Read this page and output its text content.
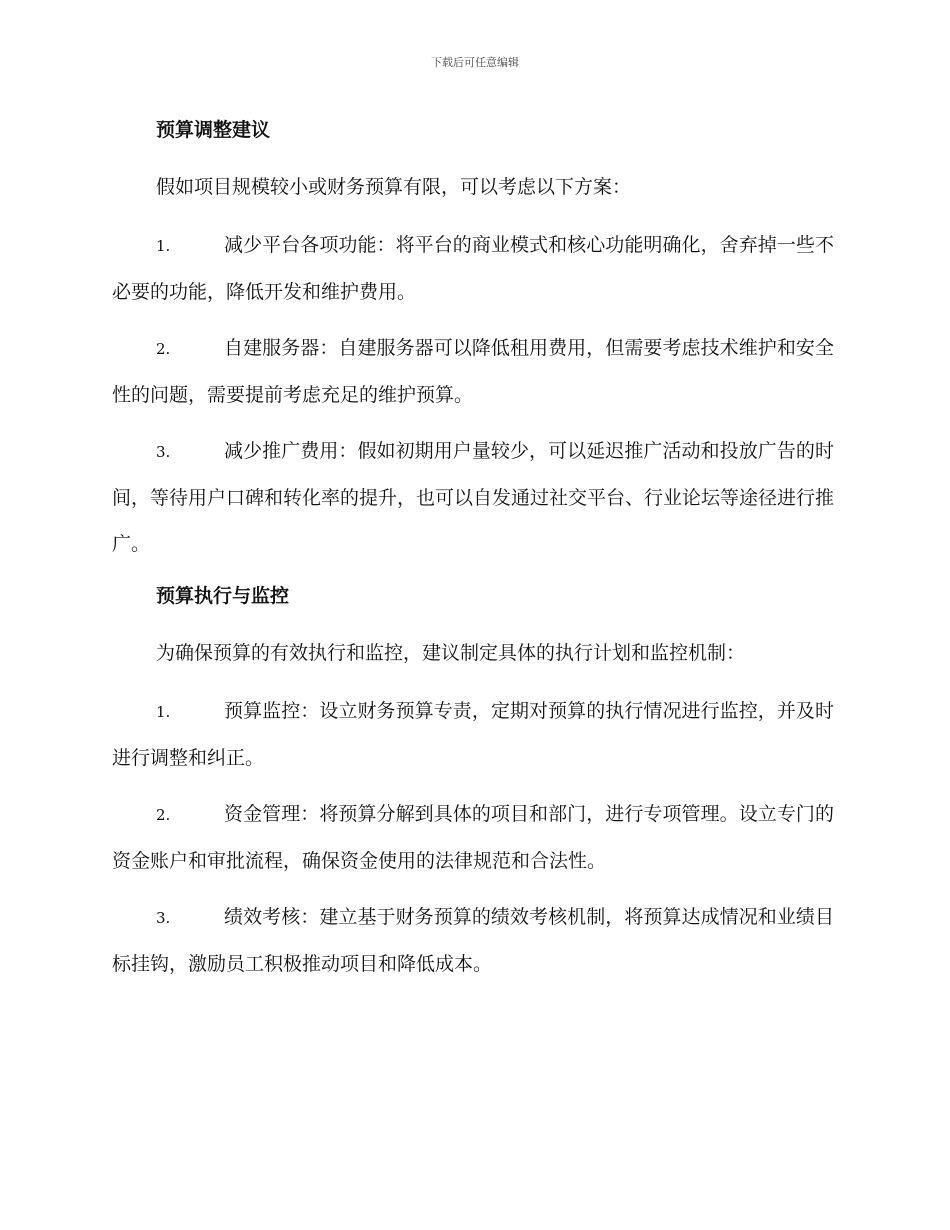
下载后可任意编辑

预算调整建议

假如项目规模较小或财务预算有限，可以考虑以下方案：

1.	减少平台各项功能：将平台的商业模式和核心功能明确化，舍弃掉一些不必要的功能，降低开发和维护费用。

2.	自建服务器：自建服务器可以降低租用费用，但需要考虑技术维护和安全性的问题，需要提前考虑充足的维护预算。

3.	减少推广费用：假如初期用户量较少，可以延迟推广活动和投放广告的时间，等待用户口碑和转化率的提升，也可以自发通过社交平台、行业论坛等途径进行推广。

预算执行与监控

为确保预算的有效执行和监控，建议制定具体的执行计划和监控机制：

1.	预算监控：设立财务预算专责，定期对预算的执行情况进行监控，并及时进行调整和纠正。

2.	资金管理：将预算分解到具体的项目和部门，进行专项管理。设立专门的资金账户和审批流程，确保资金使用的法律规范和合法性。

3.	绩效考核：建立基于财务预算的绩效考核机制，将预算达成情况和业绩目标挂钩，激励员工积极推动项目和降低成本。
